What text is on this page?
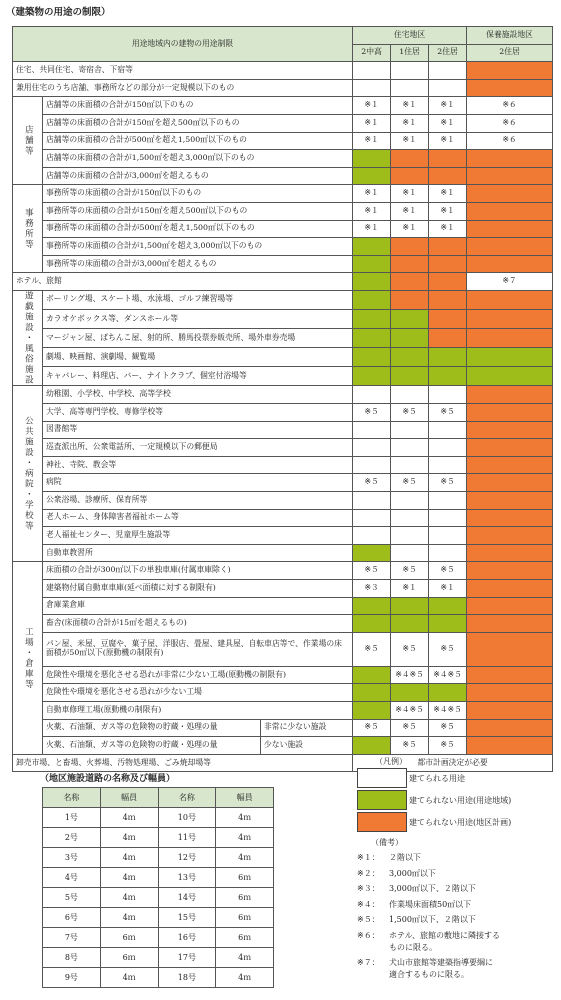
（建築物の用途の制限）
用途地域内の建物の用途制限			住宅地区			保養施設地区
			2中高	1住居	2住居	2住居
住宅、共同住宅、寄宿舎、下宿等						
兼用住宅のうち店舗、事務所などの部分が一定規模以下のもの						
店舗等	店舗等の床面積の合計が150㎡以下のもの		※１	※１	※１	※６
	店舗等の床面積の合計が150㎡を超え500㎡以下のもの		※１	※１	※１	※６
	店舗等の床面積の合計が500㎡を超え1,500㎡以下のもの		※１	※１	※１	※６
	店舗等の床面積の合計が1,500㎡を超え3,000㎡以下のもの					
	店舗等の床面積の合計が3,000㎡を超えるもの					
事務所等	事務所等の床面積の合計が150㎡以下のもの		※１	※１	※１	
	事務所等の床面積の合計が150㎡を超え500㎡以下のもの		※１	※１	※１	
	事務所等の床面積の合計が500㎡を超え1,500㎡以下のもの		※１	※１	※１	
	事務所等の床面積の合計が1,500㎡を超え3,000㎡以下のもの					
	事務所等の床面積の合計が3,000㎡を超えるもの					
ホテル、旅館						※７
遊戯施設・風俗施設	ボーリング場、スケート場、水泳場、ゴルフ練習場等					
	カラオケボックス等、ダンスホール等					
	マージャン屋、ぱちんこ屋、射的所、勝馬投票券販売所、場外車券売場					
	劇場、映画館、演劇場、観覧場					
	キャバレー、料理店、バー、ナイトクラブ、個室付浴場等					
公共施設・病院・学校等	幼稚園、小学校、中学校、高等学校					
	大学、高等専門学校、専修学校等		※５	※５	※５	
	図書館等					
	巡査派出所、公衆電話所、一定規模以下の郵便局					
	神社、寺院、教会等					
	病院		※５	※５	※５	
	公衆浴場、診療所、保育所等					
	老人ホーム、身体障害者福祉ホーム等					
	老人福祉センター、児童厚生施設等					
	自動車教習所					
工場・倉庫等	床面積の合計が300㎡以下の単独車庫(付属車庫除く)		※５	※５	※５	
	建築物付属自動車車庫(延べ面積に対する制限有)		※３	※１	※１	
	倉庫業倉庫					
	畜舎(床面積の合計が15㎡を超えるもの)					
	パン屋、米屋、豆腐や、菓子屋、洋服店、畳屋、建具屋、自転車店等で、作業場の床面積が50㎡以下(原動機の制限有)		※５	※５	※５	
	危険性や環境を悪化させる恐れが非常に少ない工場(原動機の制限有)			※４※５	※４※５	
	危険性や環境を悪化させる恐れが少ない工場					
	自動車修理工場(原動機の制限有)			※４※５	※４※５	
	火薬、石油類、ガス等の危険物の貯蔵・処理の量	非常に少ない施設	※５	※５	※５	
	火薬、石油類、ガス等の危険物の貯蔵・処理の量	少ない施設		※５	※５	
卸売市場、と畜場、火葬場、汚物処理場、ごみ焼却場等			都市計画決定が必要			
（地区施設道路の名称及び幅員）
名称	幅員	名称	幅員
1号	4ｍ	10号	4ｍ
2号	4ｍ	11号	4ｍ
3号	4ｍ	12号	4ｍ
4号	4ｍ	13号	6ｍ
5号	4ｍ	14号	6ｍ
6号	4ｍ	15号	6ｍ
7号	6ｍ	16号	6ｍ
8号	6ｍ	17号	4ｍ
9号	4ｍ	18号	4ｍ
（凡例）
建てられる用途
建てられない用途(用途地域)
建てられない用途(地区計画)
（備考）
※１：	２階以下
※２：	3,000㎡以下
※３：	3,000㎡以下、２階以下
※４：	作業場床面積50㎡以下
※５：	1,500㎡以下、２階以下
※６：	ホテル、旅館の敷地に隣接する
ものに限る。
※７：	犬山市旅館等建築指導要綱に
適合するものに限る。
